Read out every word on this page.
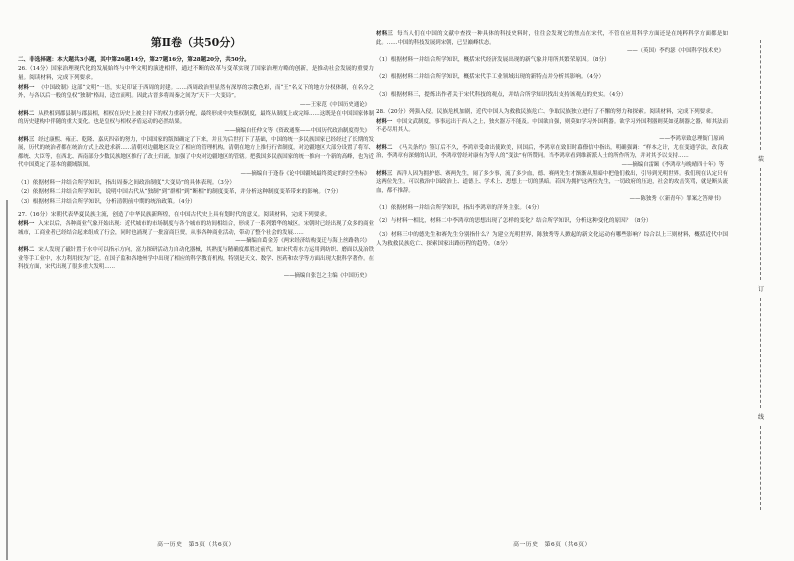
第Ⅱ卷（共50分）
二、非选择题：本大题共3小题，其中第26题14分，第27题16分，第28题20分，共50分。
26.（14分）国家治理现代化的发展始终与中华文明的演进相伴，通过不断的改革与变革实现了国家治理方略的创新，是推动社会发展的重要力量。阅读材料，完成下列要求。
材料一 《中国政制》这部“文明”一语，实足印证于西周的封建。……西周政治里显然有深厚的宗教色彩，而“王”名义下的地方分权体制，在名分之外，与各以后一般的皇权“独制”格局，适宜而明。因此古晋多将周秦之间为“天下一大变局”。
——王家范《中国历史通论》
材料二 从秩相到郡县制与郡县相，相权在历史上被主持下的权力重新分配，最终形成中央集权制度，最终从制度上或完缔……这既是在中国国家体制的历史建构中伴随的重大变化。也是皇权与相权矛盾运动的必然结果。
——摘编自任仲文等《资政通鉴——中国历代政治制度得失》
材料三 经过康熙、雍正、乾隆、嘉庆四帝的努力，中国国家的版图确定了下来，并且为后世打下了基础，中国的统一多民族国家已经经过了长期的发展，历代的统治者都在统治方式上改进求新……清朝对边疆地区设立了相应的管理机构，清朝在地方上推行行省制度，对边疆地区大部分设置了将军、都统、大臣等，在西北、西南部分少数民族地区推行了改土归流，加强了中央对边疆地区的管辖。把我国多民族国家的统一推向一个新的高峰，也为近代中国奠定了基本的疆域版图。
——摘编自于逢春《论中国疆域最终奠定的时空坐标》
（1）依据材料一并结合所学知识，指出周秦之间政治制度“大变局”的具体表现。（3分）
（2）依据材料二并结合所学知识，说明中国古代从“独制”到“群相”到“断相”的制度变革，并分析这种制度变革带来的影响。（7分）
（3）根据材料三并结合所学知识，分析清朝前中期的统治政策。（4分）
27.（16分）宋朝代表华夏民族主流，创造了中华民族新辉煌，在中国古代史上具有划时代的意义。阅读材料，完成下列要求。
材料一 入宋以后，各种商业气象开始出现：近代城市的市场制度与各个城市的坊间相结合，形成了一系列繁华的城区。宋朝时已经出现了众多的商业城市，工商业者已经结合起来组成了行会，同时也涌现了一批富商巨贾，从事各种商业活动，带动了整个社会的发展……
——摘编自葛金芳《两宋经济结构变迁与海上丝路勃兴》
材料二 宋人发现了磁针置于水中可以指示方向，富力探研活动力自动化器械，其熟度与精确度都胜过前代。如宋代将水力运用到纺织、磨面以及冶铁业等手工业中，水力利用较为广泛。在国子监和各地州学中出现了相应的科学教育机构，特别是天文、数学、医药和农学等方面出现大批科学著作。在科技方面，宋代出现了很多重大发明……
——摘编自张岂之主编《中国历史》
高一历史　第5页（共6页）
材料三 每当人们在中国的文献中查找一种具体的科技史料时，往往会发现它的焦点在宋代，不管在应用科学方面还是在纯粹科学方面都是如此。……中国的科技发展到宋朝，已呈巅峰状态。
——（英国）李约瑟《中国科学技术史》
（1）根据材料一并结合所学知识，概括宋代经济发展出现的新气象并用所其繁荣原因。（8分）
（2）根据材料二并结合所学知识，概括宋代手工业领域出现的新特点并分析其影响。（4分）
（3）根据材料三，提炼出作者关于宋代科技的观点，并结合所学知识找出支持该观点的史实。（4分）
28.（20分）列强入侵，民族危机加剧，近代中国人为救救民族危亡、争取民族独立进行了不懈的努力和探索。阅读材料，完成下列要求。
材料一 中国文武制度，事事远出于西人之上，独火器万不能及。中国欲自强，则莫如学习外国利器。欲学习外国利器则莫如觅制器之器，师其法而不必尽用其人。
——李鸿章致总理衙门原函
材料二 《马关条约》签订后不久，李鸿章受命出使欧美，回国后，李鸿章在致旧时幕僚信中指出，明确强调：“样本之计，尤在变通学法，改良政治，李鸿章有深刻的认识，李鸿章曾经对康有为等人的“变法”有所赞同。当李鸿章看到维新派人士的所作所为，并对其予以支持……
——摘编自雷颐《李鸿章与晚晴四十年》等
材料三 西洋人因为拥护德、赛两先生，闹了多少事，流了多少血，德、赛两先生才渐渐从黑暗中把他们救出，引导到光明世界。我们现在认定只有这两位先生，可以救治中国政治上、道德上、学术上、思想上一切的黑暗。若因为拥护这两位先生，一切政府的压迫，社会的攻击笑骂，就是断头流血，都不推辞。
——陈独秀《〈新青年〉罪案之答辩书》
（1）依据材料一并结合所学知识，指出李鸿章的洋务主张。（4分）
（2）与材料一相比，材料二中李鸿章的思想出现了怎样的变化？结合所学知识，分析这种变化的原因？（8分）
（3）材料三中的德先生和赛先生分别指什么？为建立光明世界，陈独秀等人掀起的新文化运动有哪些影响？综合以上三则材料，概括近代中国人为救救民族危亡、探索国家出路历程的趋势。（8分）
高一历史　第6页（共6页）
装
订
线
